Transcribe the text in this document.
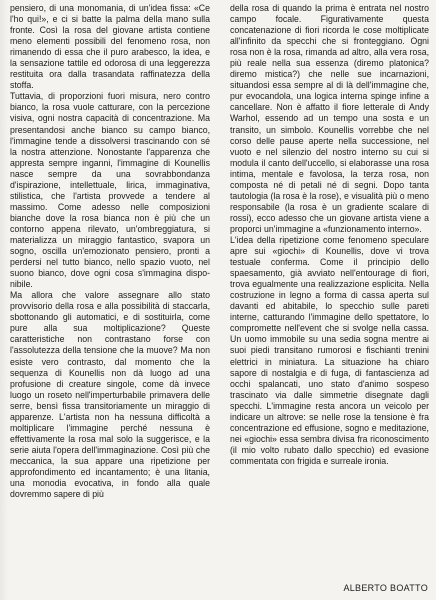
pensiero, di una monomania, di un'idea fissa: «Ce l'ho qui!», e ci si batte la palma della mano sulla fronte. Così la rosa del giovane artista contiene meno elementi possibili del fenomeno rosa, non rimanendo di essa che il puro arabesco, la idea, e la sensazione tattile ed odorosa di una leggerezza restituita ora dalla trasandata raffinatezza della stoffa.

Tuttavia, di proporzioni fuori misura, nero contro bianco, la rosa vuole catturare, con la percezione visiva, ogni nostra capacità di concentrazione. Ma presentandosi anche bianco su campo bianco, l'immagine tende a dissolversi trascinando con sé la nostra attenzione. Nonostante l'apparenza che appresta sempre inganni, l'immagine di Kounellis nasce sempre da una sovrabbondanza d'ispirazione, intellettuale, lirica, immaginativa, stilistica, che l'artista provvede a tendere al massimo. Come adesso nelle composizioni bianche dove la rosa bianca non è più che un contorno appena rilevato, un'ombreggiatura, si materializza un miraggio fantastico, svapora un sogno, oscilla un'emozionato pensiero, pronti a perdersi nel tutto bianco, nello spazio vuoto, nel suono bianco, dove ogni cosa s'immagina disponibile.

Ma allora che valore assegnare allo stato provvisorio della rosa e alla possibilità di staccarla, sbottonando gli automatici, e di sostituirla, come pure alla sua moltiplicazione? Queste caratteristiche non contrastano forse con l'assolutezza della tensione che la muove? Ma non esiste vero contrasto, dal momento che la sequenza di Kounellis non dà luogo ad una profusione di creature singole, come dà invece luogo un roseto nell'imperturbabile primavera delle serre, bensì fissa transitoriamente un miraggio di apparenze. L'artista non ha nessuna difficoltà a moltiplicare l'immagine perché nessuna è effettivamente la rosa mal solo la suggerisce, e la serie aiuta l'opera dell'immaginazione. Così più che meccanica, la sua appare una ripetizione per approfondimento ed incantamento; è una litania, una monodia evocativa, in fondo alla quale dovremmo sapere di più

della rosa di quando la prima è entrata nel nostro campo focale. Figurativamente questa concatenazione di fiori ricorda le cose moltiplicate all'infinito da specchi che si fronteggiano. Ogni rosa non è la rosa, rimanda ad altro, alla vera rosa, più reale nella sua essenza (diremo platonica? diremo mistica?) che nelle sue incarnazioni, situandosi essa sempre al di là dell'immagine che, pur evocandola, una logica interna spinge infine a cancellare. Non è affatto il fiore letterale di Andy Warhol, essendo ad un tempo una sosta e un transito, un simbolo. Kounellis vorrebbe che nel corso delle pause aperte nella successione, nel vuoto e nel silenzio del nostro interno su cui si modula il canto dell'uccello, si elaborasse una rosa intima, mentale e favolosa, la terza rosa, non composta né di petali né di segni. Dopo tanta tautologia (la rosa è la rose), e visualità più o meno responsabile (la rosa è un gradiente scalare di rossi), ecco adesso che un giovane artista viene a proporci un'immagine a «funzionamento interno».

L'idea della ripetizione come fenomeno speculare apre sui «giochi» di Kounellis, dove vi trova testuale conferma. Come il principio dello spaesamento, già avviato nell'entourage di fiori, trova egualmente una realizzazione esplicita. Nella costruzione in legno a forma di cassa aperta sul davanti ed abitabile, lo specchio sulle pareti interne, catturando l'immagine dello spettatore, lo compromette nell'event che si svolge nella cassa. Un uomo immobile su una sedia sogna mentre ai suoi piedi transitano rumorosi e fischianti trenini elettrici in miniatura. La situazione ha chiaro sapore di nostalgia e di fuga, di fantascienza ad occhi spalancati, uno stato d'animo sospeso trascinato via dalle simmetrie disegnate dagli specchi. L'immagine resta ancora un veicolo per indicare un altrove: se nelle rose la tensione è fra concentrazione ed effusione, sogno e meditazione, nei «giochi» essa sembra divisa fra riconoscimento (il mio volto rubato dallo specchio) ed evasione commentata con frigida e surreale ironia.

ALBERTO BOATTO
